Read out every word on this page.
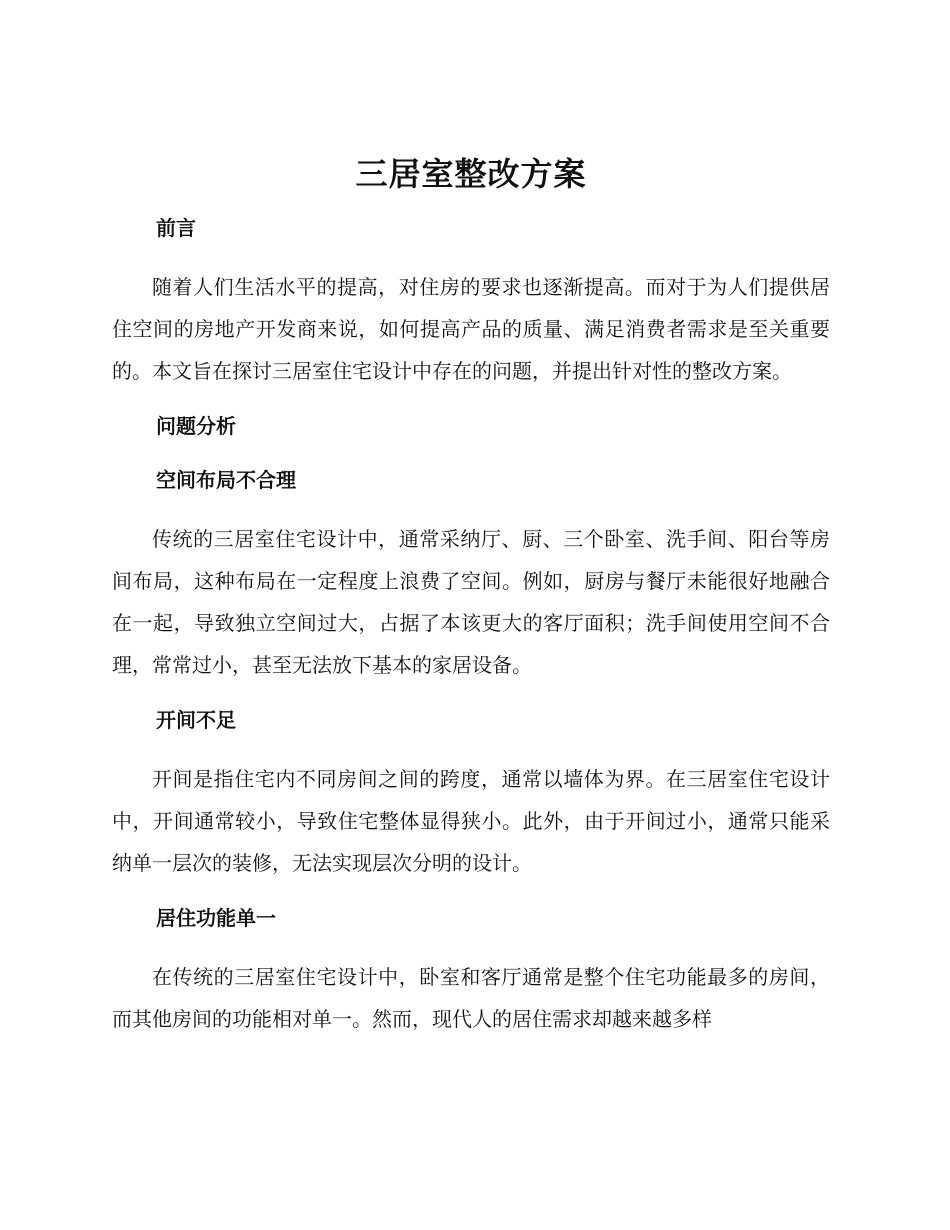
三居室整改方案
前言

随着人们生活水平的提高，对住房的要求也逐渐提高。而对于为人们提供居住空间的房地产开发商来说，如何提高产品的质量、满足消费者需求是至关重要的。本文旨在探讨三居室住宅设计中存在的问题，并提出针对性的整改方案。

问题分析
空间布局不合理

传统的三居室住宅设计中，通常采纳厅、厨、三个卧室、洗手间、阳台等房间布局，这种布局在一定程度上浪费了空间。例如，厨房与餐厅未能很好地融合在一起，导致独立空间过大，占据了本该更大的客厅面积；洗手间使用空间不合理，常常过小，甚至无法放下基本的家居设备。

开间不足

开间是指住宅内不同房间之间的跨度，通常以墙体为界。在三居室住宅设计中，开间通常较小，导致住宅整体显得狭小。此外，由于开间过小，通常只能采纳单一层次的装修，无法实现层次分明的设计。

居住功能单一

在传统的三居室住宅设计中，卧室和客厅通常是整个住宅功能最多的房间，而其他房间的功能相对单一。然而，现代人的居住需求却越来越多样
